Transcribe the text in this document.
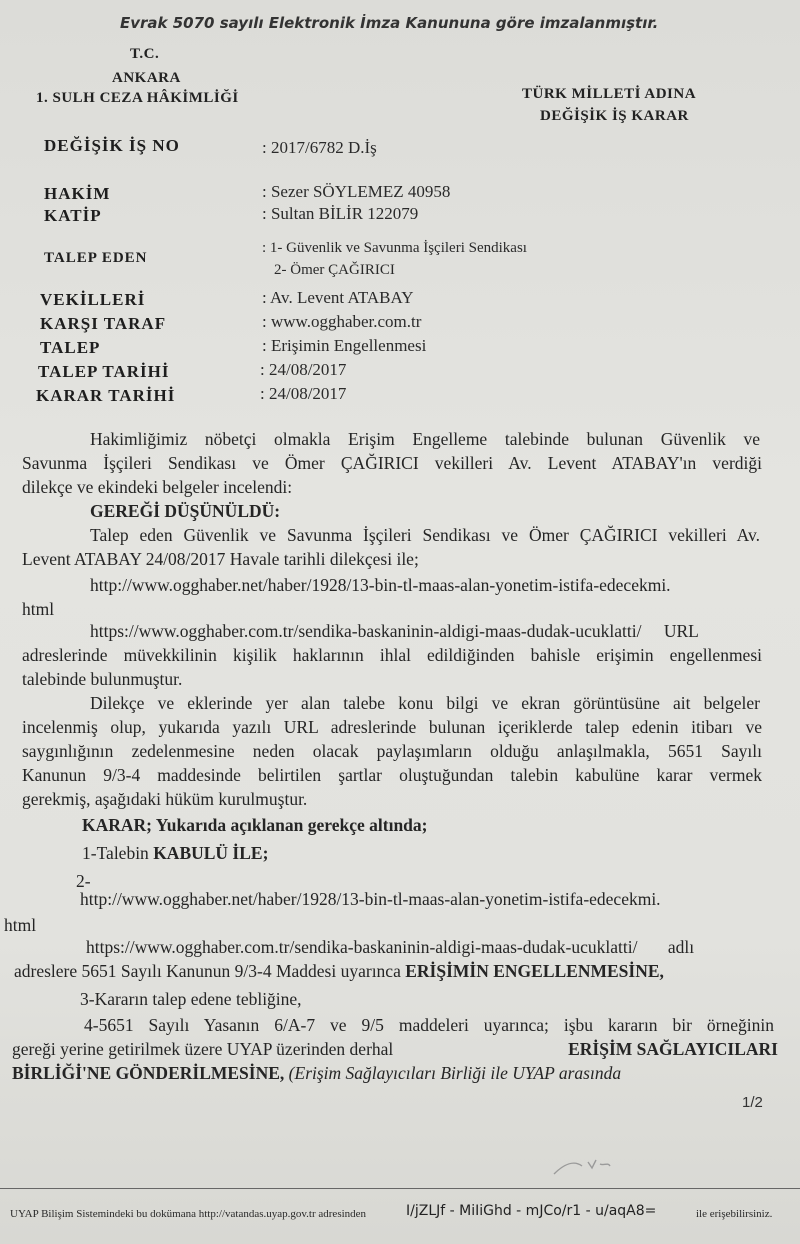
Evrak 5070 sayılı Elektronik İmza Kanununa göre imzalanmıştır.
T.C.
ANKARA
1. SULH CEZA HÂKİMLİĞİ	TÜRK MİLLETİ ADINA
DEĞİŞİK İŞ KARAR
DEĞİŞİK İŞ NO	: 2017/6782 D.İş
HAKİM	: Sezer SÖYLEMEZ 40958
KATİP	: Sultan BİLİR 122079
TALEP EDEN
: 1- Güvenlik ve Savunma İşçileri Sendikası
2- Ömer ÇAĞIRICI
VEKİLLERİ	: Av. Levent ATABAY
KARŞI TARAF	: www.ogghaber.com.tr
TALEP	: Erişimin Engellenmesi
TALEP TARİHİ	: 24/08/2017
KARAR TARİHİ	: 24/08/2017
Hakimliğimiz nöbetçi olmakla Erişim Engelleme talebinde bulunan Güvenlik ve
Savunma İşçileri Sendikası ve Ömer ÇAĞIRICI vekilleri Av. Levent ATABAY'ın verdiği
dilekçe ve ekindeki belgeler incelendi:
GEREĞİ DÜŞÜNÜLDÜ:
Talep eden Güvenlik ve Savunma İşçileri Sendikası ve Ömer ÇAĞIRICI vekilleri Av.
Levent ATABAY 24/08/2017 Havale tarihli dilekçesi ile;
http://www.ogghaber.net/haber/1928/13-bin-tl-maas-alan-yonetim-istifa-edecekmi.
html
https://www.ogghaber.com.tr/sendika-baskaninin-aldigi-maas-dudak-ucuklatti/ URL
adreslerinde müvekkilinin kişilik haklarının ihlal edildiğinden bahisle erişimin engellenmesi
talebinde bulunmuştur.
Dilekçe ve eklerinde yer alan talebe konu bilgi ve ekran görüntüsüne ait belgeler
incelenmiş olup, yukarıda yazılı URL adreslerinde bulunan içeriklerde talep edenin itibarı ve
saygınlığının zedelenmesine neden olacak paylaşımların olduğu anlaşılmakla, 5651 Sayılı
Kanunun 9/3-4 maddesinde belirtilen şartlar oluştuğundan talebin kabulüne karar vermek
gerekmiş, aşağıdaki hüküm kurulmuştur.
KARAR; Yukarıda açıklanan gerekçe altında;
1-Talebin KABULÜ İLE;
2-
http://www.ogghaber.net/haber/1928/13-bin-tl-maas-alan-yonetim-istifa-edecekmi.
html
https://www.ogghaber.com.tr/sendika-baskaninin-aldigi-maas-dudak-ucuklatti/ adlı
adreslere 5651 Sayılı Kanunun 9/3-4 Maddesi uyarınca ERİŞİMİN ENGELLENMESİNE,
3-Kararın talep edene tebliğine,
4-5651 Sayılı Yasanın 6/A-7 ve 9/5 maddeleri uyarınca; işbu kararın bir örneğinin
gereği yerine getirilmek üzere UYAP üzerinden derhal	ERİŞİM SAĞLAYICILARI
BİRLİĞİ'NE GÖNDERİLMESİNE, (Erişim Sağlayıcıları Birliği ile UYAP arasında
1/2
UYAP Bilişim Sistemindeki bu dokümana http://vatandas.uyap.gov.tr adresinden	I/jZLJf - MiIiGhd - mJCo/r1 - u/aqA8=	ile erişebilirsiniz.
